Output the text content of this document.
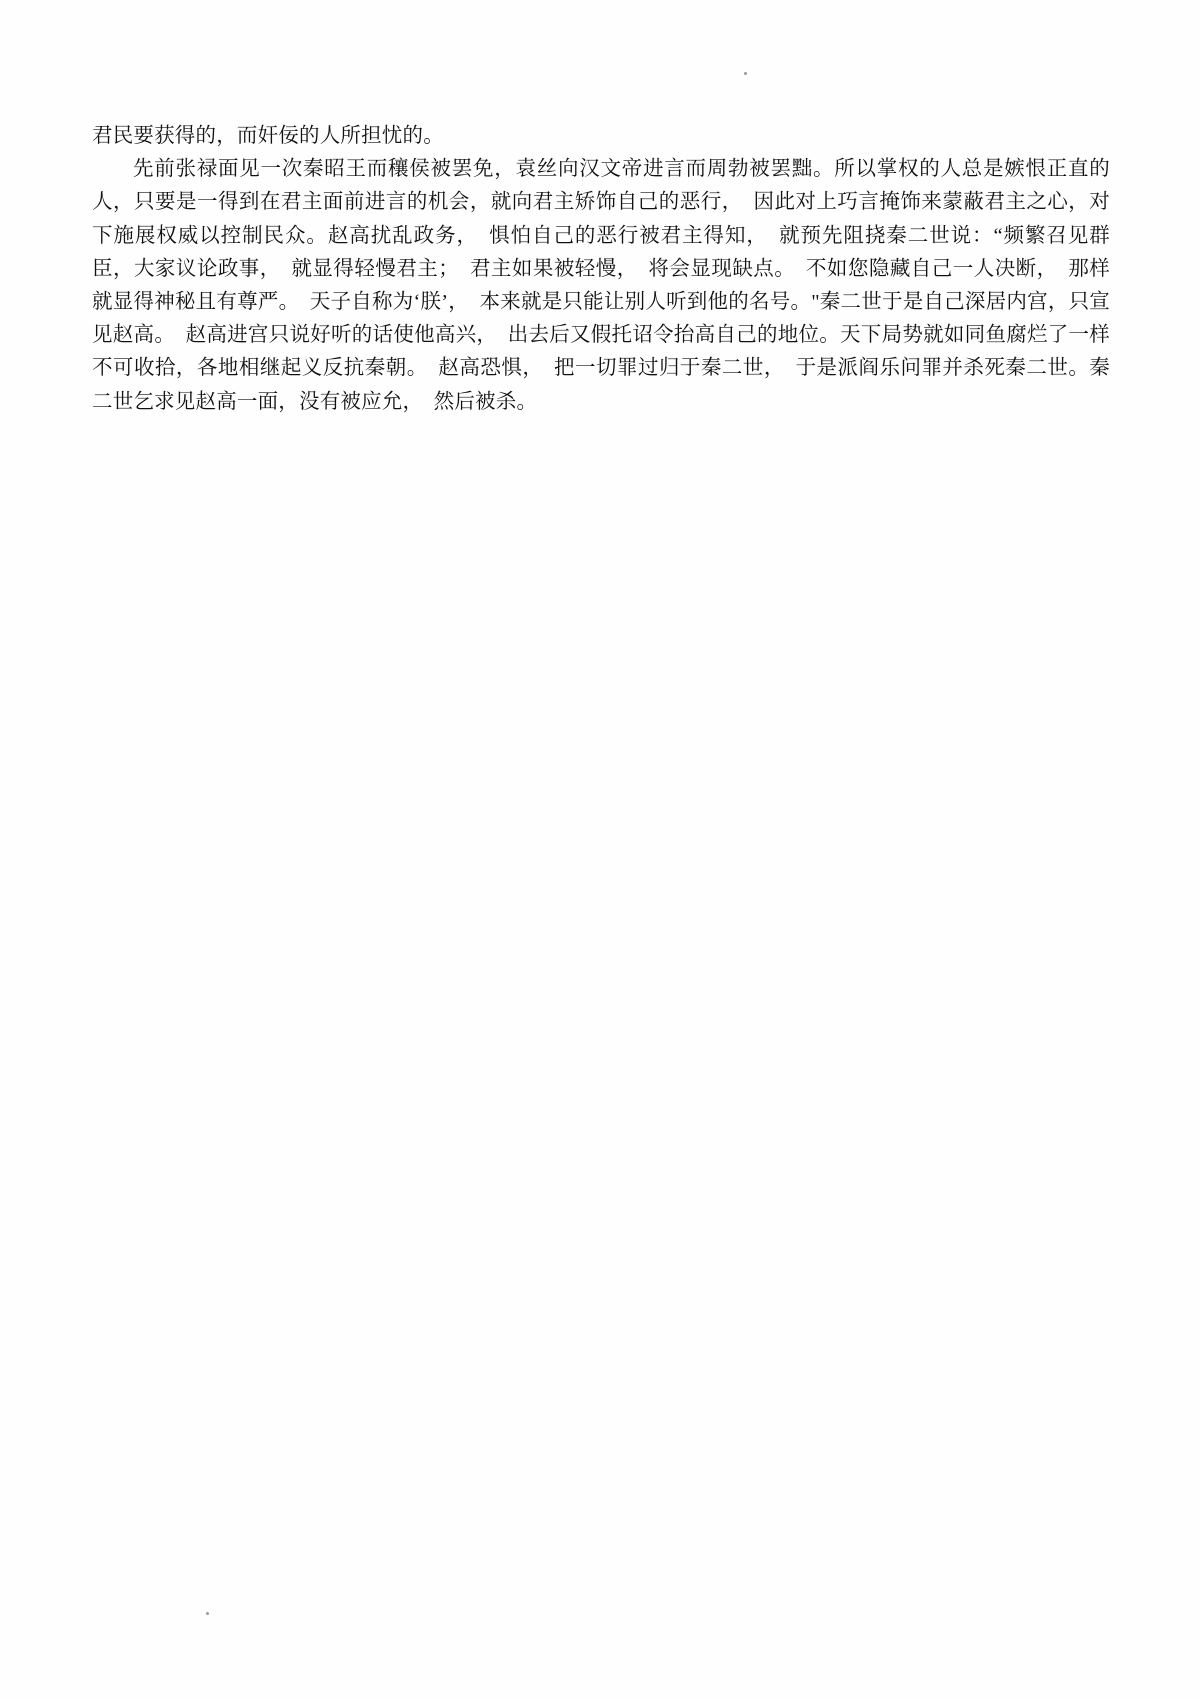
君民要获得的，而奸佞的人所担忧的。

先前张禄面见一次秦昭王而穰侯被罢免，袁丝向汉文帝进言而周勃被罢黜。所以掌权的人总是嫉恨正直的人，只要是一得到在君主面前进言的机会，就向君主矫饰自己的恶行，　因此对上巧言掩饰来蒙蔽君主之心，对下施展权威以控制民众。赵高扰乱政务，　惧怕自己的恶行被君主得知，　就预先阻挠秦二世说：“频繁召见群臣，大家议论政事，　就显得轻慢君主；　君主如果被轻慢，　将会显现缺点。　不如您隐藏自己一人决断，　那样就显得神秘且有尊严。　天子自称为‘朕’，　本来就是只能让别人听到他的名号。"秦二世于是自己深居内宫，只宣见赵高。　赵高进宫只说好听的话使他高兴，　出去后又假托诏令抬高自己的地位。天下局势就如同鱼腐烂了一样不可收拾，各地相继起义反抗秦朝。　赵高恐惧，　把一切罪过归于秦二世，　于是派阎乐问罪并杀死秦二世。秦二世乞求见赵高一面，没有被应允，　然后被杀。
